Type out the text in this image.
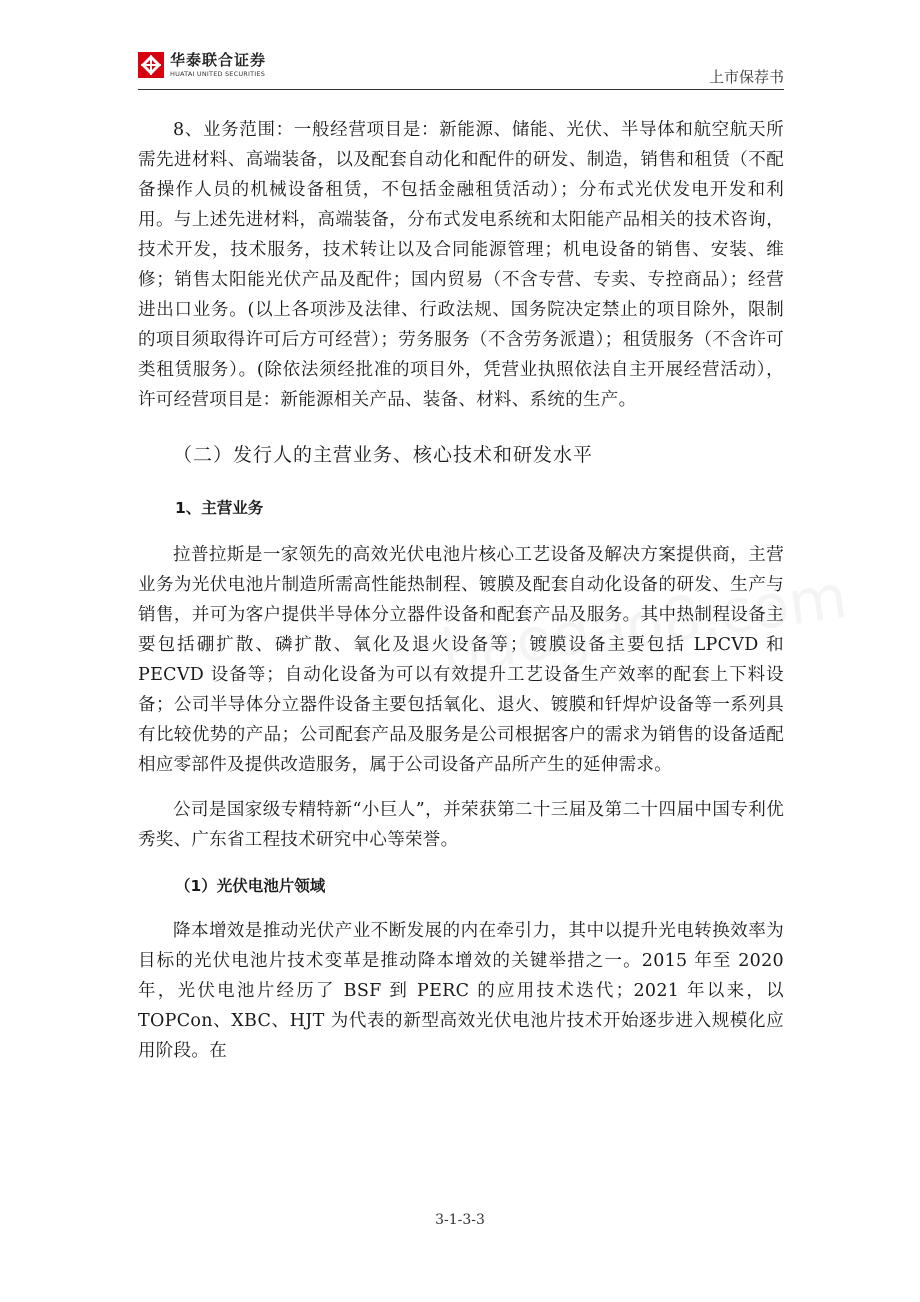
华泰联合证券
HUATAI UNITED SECURITIES	上市保荐书

8、业务范围：一般经营项目是：新能源、储能、光伏、半导体和航空航天所需先进材料、高端装备，以及配套自动化和配件的研发、制造，销售和租赁（不配备操作人员的机械设备租赁，不包括金融租赁活动）；分布式光伏发电开发和利用。与上述先进材料，高端装备，分布式发电系统和太阳能产品相关的技术咨询，技术开发，技术服务，技术转让以及合同能源管理；机电设备的销售、安装、维修；销售太阳能光伏产品及配件；国内贸易（不含专营、专卖、专控商品）；经营进出口业务。(以上各项涉及法律、行政法规、国务院决定禁止的项目除外，限制的项目须取得许可后方可经营）；劳务服务（不含劳务派遣）；租赁服务（不含许可类租赁服务）。(除依法须经批准的项目外，凭营业执照依法自主开展经营活动），许可经营项目是：新能源相关产品、装备、材料、系统的生产。

（二）发行人的主营业务、核心技术和研发水平
1、主营业务

拉普拉斯是一家领先的高效光伏电池片核心工艺设备及解决方案提供商，主营业务为光伏电池片制造所需高性能热制程、镀膜及配套自动化设备的研发、生产与销售，并可为客户提供半导体分立器件设备和配套产品及服务。其中热制程设备主要包括硼扩散、磷扩散、氧化及退火设备等；镀膜设备主要包括 LPCVD 和 PECVD 设备等；自动化设备为可以有效提升工艺设备生产效率的配套上下料设备；公司半导体分立器件设备主要包括氧化、退火、镀膜和钎焊炉设备等一系列具有比较优势的产品；公司配套产品及服务是公司根据客户的需求为销售的设备适配相应零部件及提供改造服务，属于公司设备产品所产生的延伸需求。

公司是国家级专精特新“小巨人”，并荣获第二十三届及第二十四届中国专利优秀奖、广东省工程技术研究中心等荣誉。

（1）光伏电池片领域

降本增效是推动光伏产业不断发展的内在牵引力，其中以提升光电转换效率为目标的光伏电池片技术变革是推动降本增效的关键举措之一。2015 年至 2020 年，光伏电池片经历了 BSF 到 PERC 的应用技术迭代；2021 年以来，以 TOPCon、XBC、HJT 为代表的新型高效光伏电池片技术开始逐步进入规模化应用阶段。在

3-1-3-3
